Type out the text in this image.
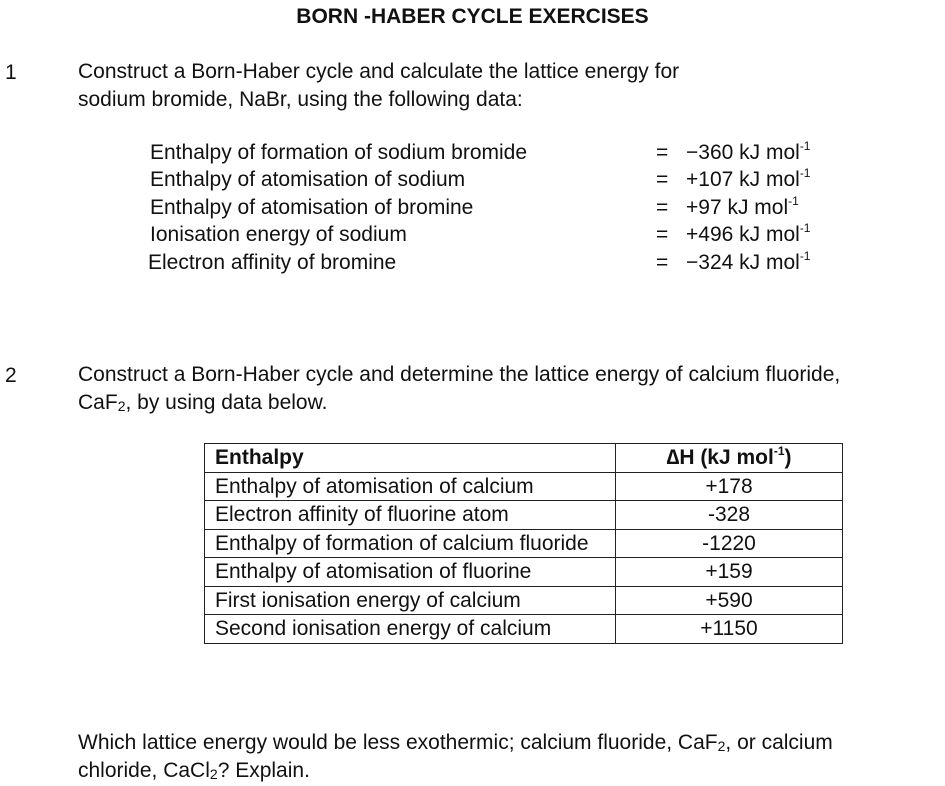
BORN -HABER CYCLE EXERCISES
1	Construct a Born-Haber cycle and calculate the lattice energy for
sodium bromide, NaBr, using the following data:
Enthalpy of formation of sodium bromide	= −360 kJ mol$^{-1}$
Enthalpy of atomisation of sodium	= +107 kJ mol$^{-1}$
Enthalpy of atomisation of bromine	= +97 kJ mol$^{-1}$
Ionisation energy of sodium	= +496 kJ mol$^{-1}$
Electron affinity of bromine	= −324 kJ mol$^{-1}$
2	Construct a Born-Haber cycle and determine the lattice energy of calcium fluoride,
CaF$_2$, by using data below.
Enthalpy	∆H (kJ mol$^{-1}$)
Enthalpy of atomisation of calcium	+178
Electron affinity of fluorine atom	-328
Enthalpy of formation of calcium fluoride	-1220
Enthalpy of atomisation of fluorine	+159
First ionisation energy of calcium	+590
Second ionisation energy of calcium	+1150
Which lattice energy would be less exothermic; calcium fluoride, CaF$_2$, or calcium
chloride, CaCl$_2$? Explain.
